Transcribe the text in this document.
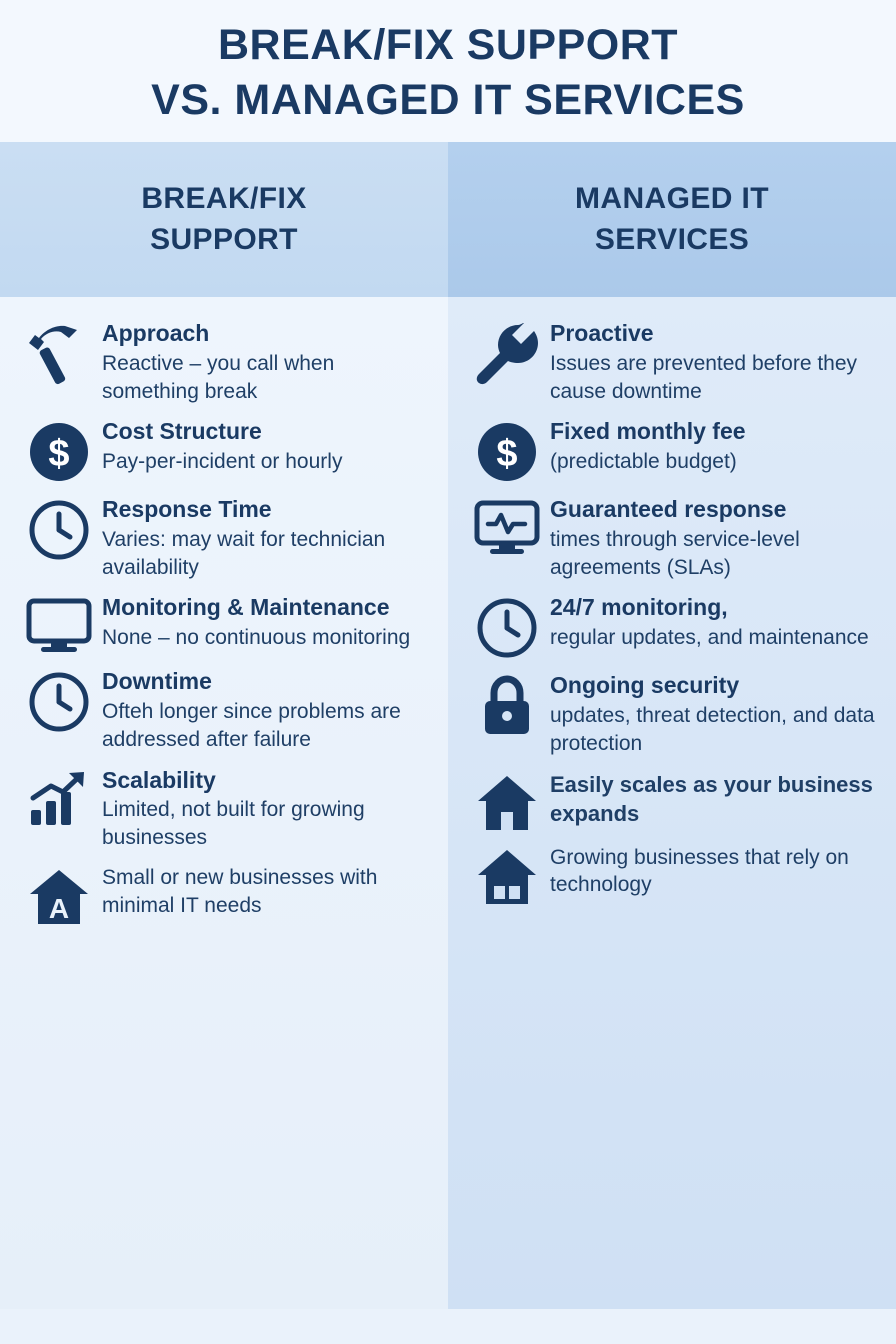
BREAK/FIX SUPPORT
VS. MANAGED IT SERVICES
BREAK/FIX SUPPORT
MANAGED IT SERVICES
Approach
Reactive – you call when something break
$
Cost Structure
Pay-per-incident or hourly
Response Time
Varies: may wait for technician availability
Monitoring & Maintenance
None – no continuous monitoring
Downtime
Ofteh longer since problems are addressed after failure
Scalability
Limited, not built for growing businesses
A
Small or new businesses with minimal IT needs
Proactive
Issues are prevented before they cause downtime
$
Fixed monthly fee
(predictable budget)
Guaranteed response
times through service-level agreements (SLAs)
24/7 monitoring,
regular updates, and maintenance
Ongoing security
updates, threat detection, and data protection
Easily scales as your business expands
Growing businesses that rely on technology
